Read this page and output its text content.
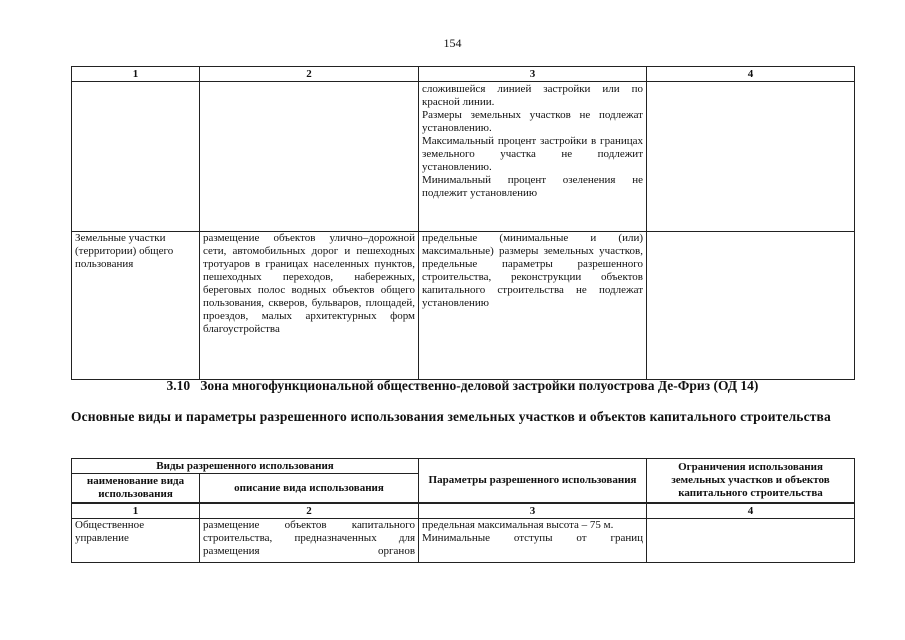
154
1	2	3	4

		сложившейся линией застройки или по красной линии.

Размеры земельных участков не подлежат установлению.

Максимальный процент застройки в границах земельного участка не подлежит установлению.

Минимальный процент озеленения не подлежит установлению	

Земельные участки (территории) общего пользования	размещение объектов улично–дорожной сети, автомобильных дорог и пешеходных тротуаров в границах населенных пунктов, пешеходных переходов, набережных, береговых полос водных объектов общего пользования, скверов, бульваров, площадей, проездов, малых архитектурных форм благоустройства	предельные (минимальные и (или) максимальные) размеры земельных участков, предельные параметры разрешенного строительства, реконструкции объектов капитального строительства не подлежат установлению	
3.10   Зона многофункциональной общественно-деловой застройки полуострова Де-Фриз (ОД 14)
Основные виды и параметры разрешенного использования земельных участков и объектов капитального строительства
Виды разрешенного использования		Параметры разрешенного использования	Ограничения использования земельных участков и объектов капитального строительства
наименование вида использования	описание вида использования		
1	2	3	4
Общественное управление	размещение объектов капитального строительства, предназначенных для размещения органов	предельная максимальная высота – 75 м.

Минимальные отступы от границ	
